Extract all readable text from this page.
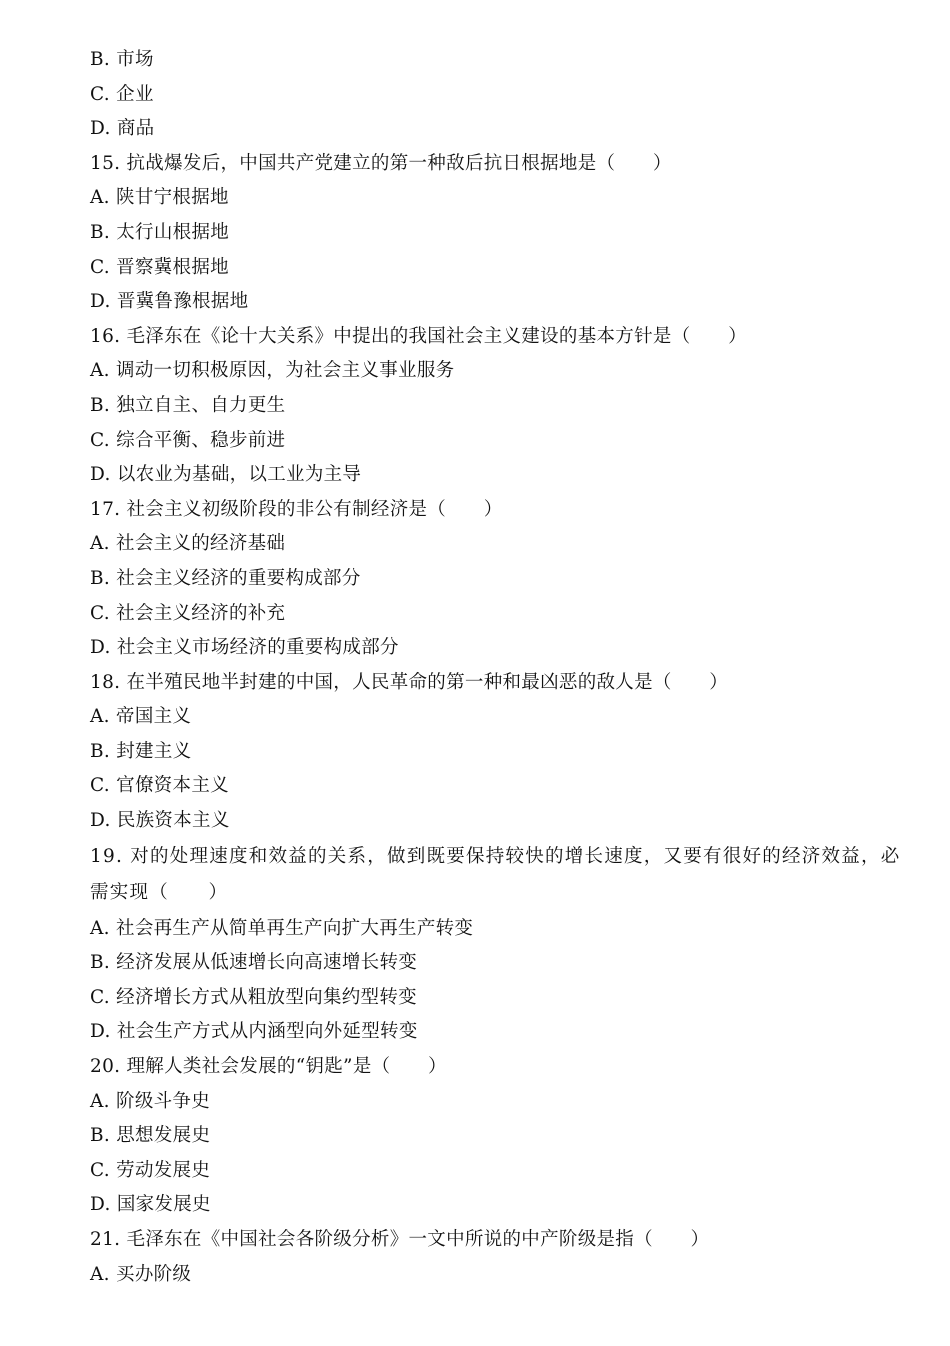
B. 市场
C. 企业
D. 商品
15. 抗战爆发后，中国共产党建立的第一种敌后抗日根据地是（　　）
A. 陕甘宁根据地
B. 太行山根据地
C. 晋察冀根据地
D. 晋冀鲁豫根据地
16. 毛泽东在《论十大关系》中提出的我国社会主义建设的基本方针是（　　）
A. 调动一切积极原因，为社会主义事业服务
B. 独立自主、自力更生
C. 综合平衡、稳步前进
D. 以农业为基础，以工业为主导
17. 社会主义初级阶段的非公有制经济是（　　）
A. 社会主义的经济基础
B. 社会主义经济的重要构成部分
C. 社会主义经济的补充
D. 社会主义市场经济的重要构成部分
18. 在半殖民地半封建的中国，人民革命的第一种和最凶恶的敌人是（　　）
A. 帝国主义
B. 封建主义
C. 官僚资本主义
D. 民族资本主义
19. 对的处理速度和效益的关系，做到既要保持较快的增长速度，又要有很好的经济效益，必需实现（　　）
A. 社会再生产从简单再生产向扩大再生产转变
B. 经济发展从低速增长向高速增长转变
C. 经济增长方式从粗放型向集约型转变
D. 社会生产方式从内涵型向外延型转变
20. 理解人类社会发展的“钥匙”是（　　）
A. 阶级斗争史
B. 思想发展史
C. 劳动发展史
D. 国家发展史
21. 毛泽东在《中国社会各阶级分析》一文中所说的中产阶级是指（　　）
A. 买办阶级
